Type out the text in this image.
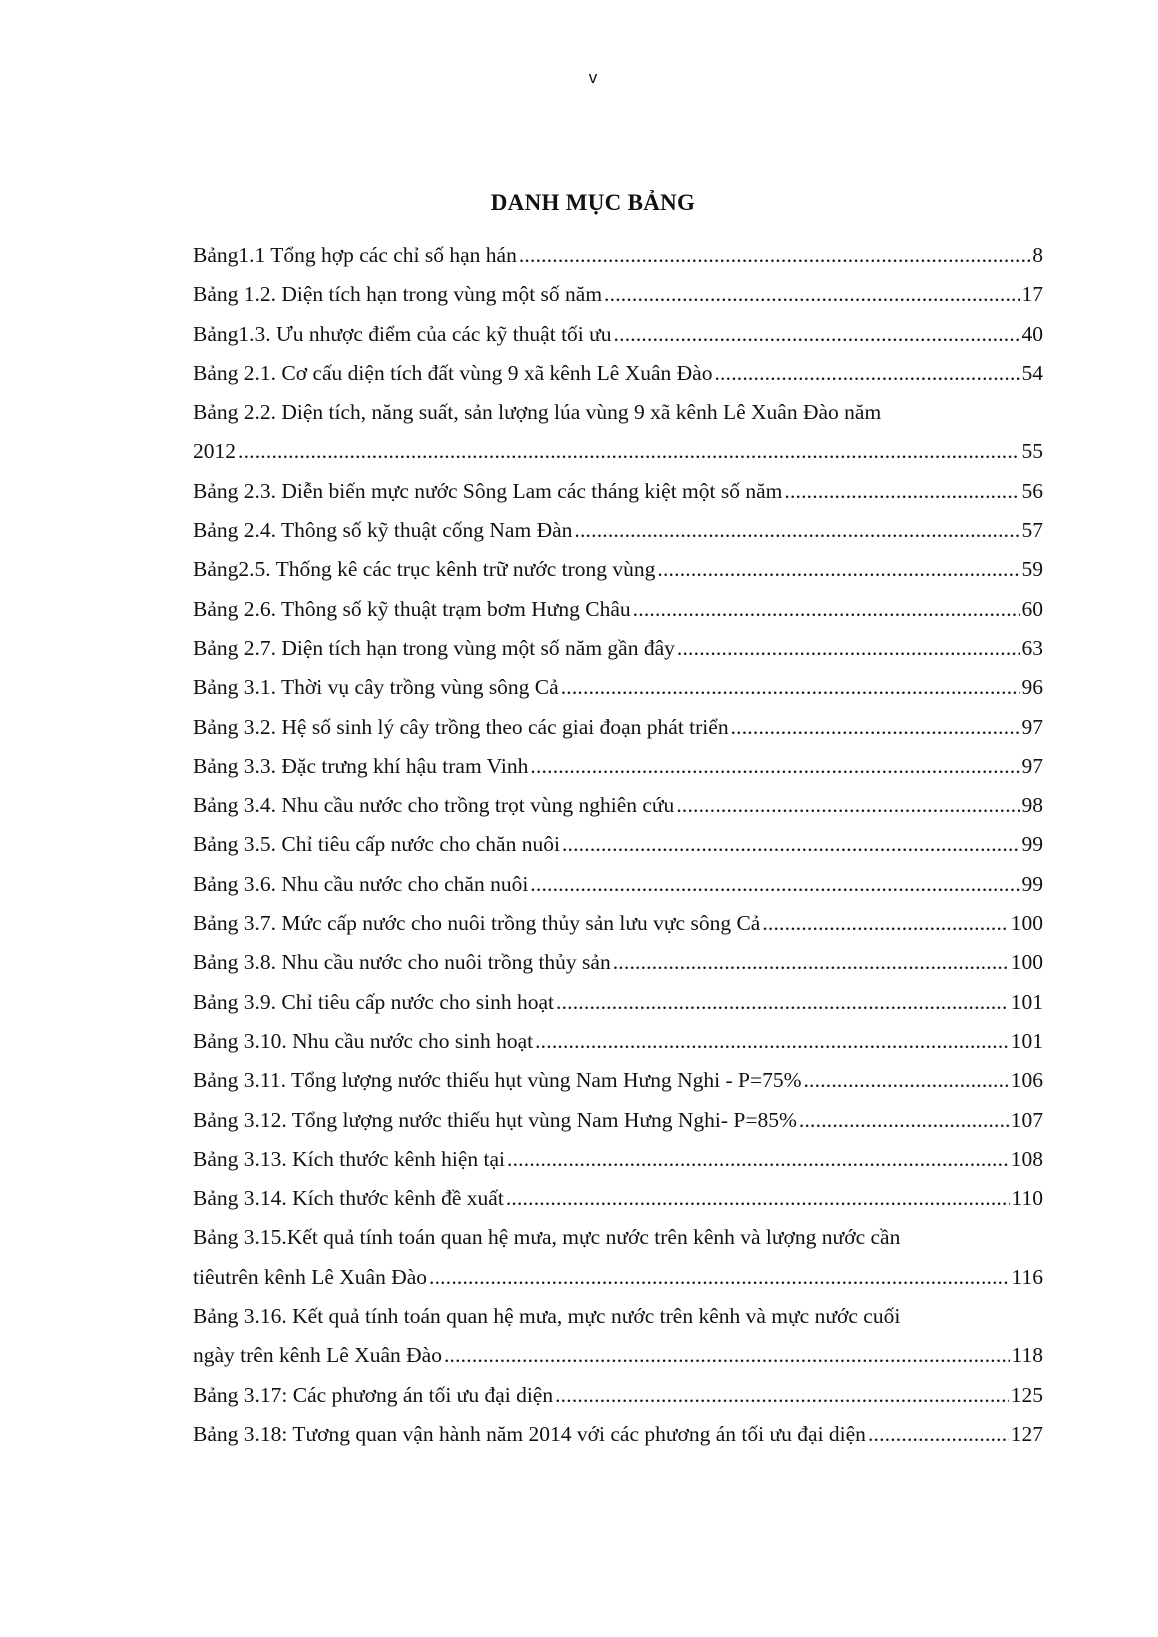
v
DANH MỤC BẢNG
Bảng1.1 Tổng hợp các chỉ số hạn hán .....	8
Bảng 1.2. Diện tích hạn trong vùng một số năm .....	17
Bảng1.3. Ưu nhược điểm của các kỹ thuật tối ưu .....	40
Bảng 2.1. Cơ cấu diện tích đất vùng 9 xã kênh Lê Xuân Đào .....	54
Bảng 2.2. Diện tích, năng suất, sản lượng lúa vùng 9 xã kênh Lê Xuân Đào năm
2012 .....	55
Bảng 2.3. Diễn biến mực nước Sông Lam các tháng kiệt một số năm .....	56
Bảng 2.4. Thông số kỹ thuật cống Nam Đàn .....	57
Bảng2.5. Thống kê các trục kênh trữ nước trong vùng .....	59
Bảng 2.6. Thông số kỹ thuật trạm bơm Hưng Châu .....	60
Bảng 2.7. Diện tích hạn trong vùng một số năm gần đây .....	63
Bảng 3.1. Thời vụ cây trồng vùng sông Cả .....	96
Bảng 3.2. Hệ số sinh lý cây trồng theo các giai đoạn phát triển .....	97
Bảng 3.3. Đặc trưng khí hậu tram Vinh .....	97
Bảng 3.4. Nhu cầu nước cho trồng trọt vùng nghiên cứu .....	98
Bảng 3.5. Chỉ tiêu cấp nước cho chăn nuôi .....	99
Bảng 3.6. Nhu cầu nước cho chăn nuôi .....	99
Bảng 3.7. Mức cấp nước cho nuôi trồng thủy sản lưu vực sông Cả .....	100
Bảng 3.8. Nhu cầu nước cho nuôi trồng thủy sản .....	100
Bảng 3.9. Chỉ tiêu cấp nước cho sinh hoạt .....	101
Bảng 3.10. Nhu cầu nước cho sinh hoạt .....	101
Bảng 3.11. Tổng lượng nước thiếu hụt vùng Nam Hưng Nghi - P=75% .....	106
Bảng 3.12. Tổng lượng nước thiếu hụt vùng Nam Hưng Nghi- P=85% .....	107
Bảng 3.13. Kích thước kênh hiện tại .....	108
Bảng 3.14. Kích thước kênh đề xuất .....	110
Bảng 3.15.Kết quả tính toán quan hệ mưa, mực nước trên kênh và lượng nước cần
tiêutrên kênh Lê Xuân Đào .....	116
Bảng 3.16. Kết quả tính toán quan hệ mưa, mực nước trên kênh và mực nước cuối
ngày trên kênh Lê Xuân Đào .....	118
Bảng 3.17: Các phương án tối ưu đại diện .....	125
Bảng 3.18: Tương quan vận hành năm 2014 với các phương án tối ưu đại diện .....	127
